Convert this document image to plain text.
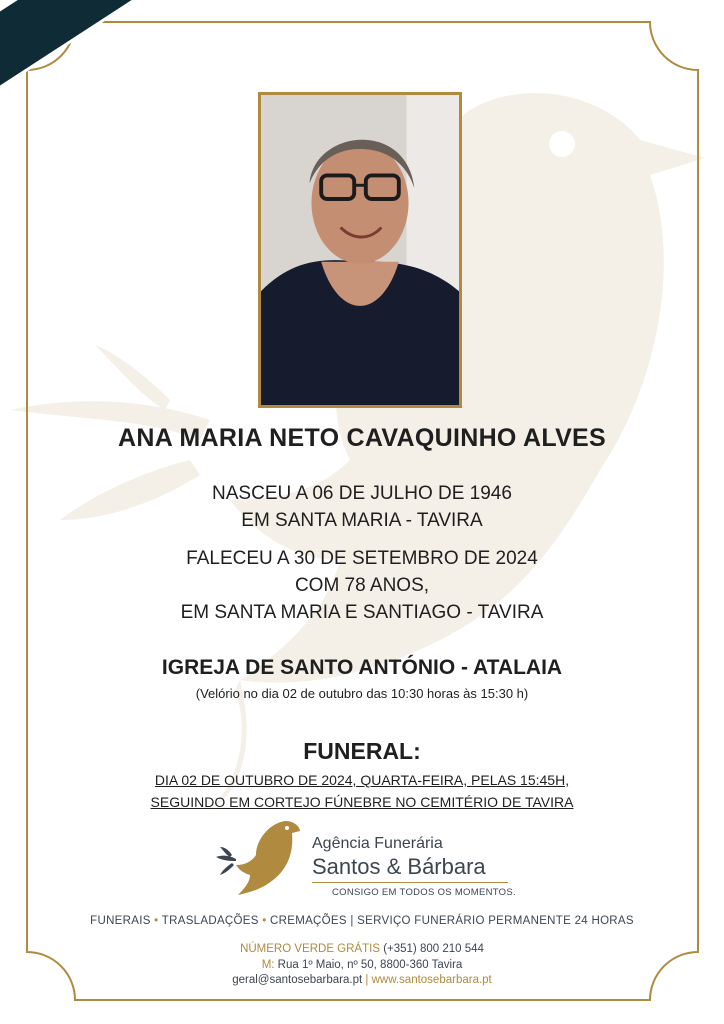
ANA MARIA NETO CAVAQUINHO ALVES
NASCEU A 06 DE JULHO DE 1946
EM SANTA MARIA - TAVIRA
FALECEU A 30 DE SETEMBRO DE 2024
COM 78 ANOS,
EM SANTA MARIA E SANTIAGO - TAVIRA
IGREJA DE SANTO ANTÓNIO - ATALAIA
(Velório no dia 02 de outubro das 10:30 horas às 15:30 h)
FUNERAL:
DIA 02 DE OUTUBRO DE 2024, QUARTA-FEIRA, PELAS 15:45H,
SEGUINDO EM CORTEJO FÚNEBRE NO CEMITÉRIO DE TAVIRA
Agência Funerária
Santos & Bárbara
CONSIGO EM TODOS OS MOMENTOS.
FUNERAIS • TRASLADAÇÕES • CREMAÇÕES | SERVIÇO FUNERÁRIO PERMANENTE 24 HORAS
NÚMERO VERDE GRÁTIS (+351) 800 210 544
M: Rua 1º Maio, nº 50, 8800-360 Tavira
geral@santosebarbara.pt | www.santosebarbara.pt
